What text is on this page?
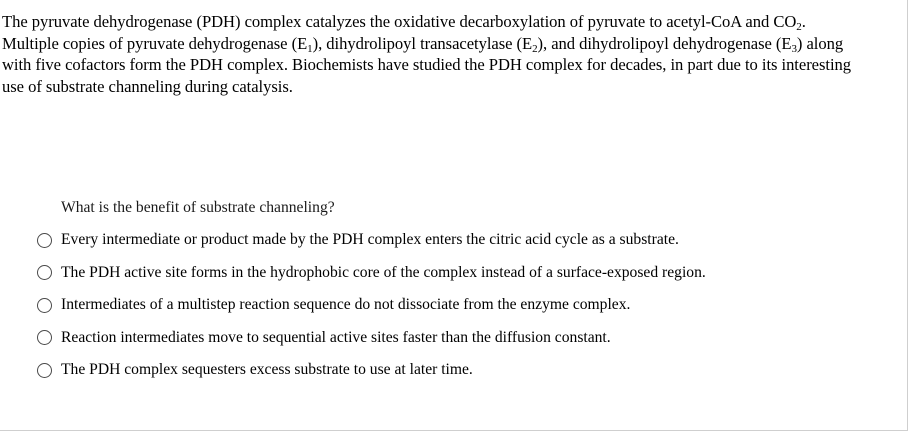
The pyruvate dehydrogenase (PDH) complex catalyzes the oxidative decarboxylation of pyruvate to acetyl-CoA and $CO_2$.
Multiple copies of pyruvate dehydrogenase $(E_1)$, dihydrolipoyl transacetylase $(E_2)$, and dihydrolipoyl dehydrogenase $(E_3)$ along
with five cofactors form the PDH complex. Biochemists have studied the PDH complex for decades, in part due to its interesting
use of substrate channeling during catalysis.
What is the benefit of substrate channeling?
Every intermediate or product made by the PDH complex enters the citric acid cycle as a substrate.
The PDH active site forms in the hydrophobic core of the complex instead of a surface-exposed region.
Intermediates of a multistep reaction sequence do not dissociate from the enzyme complex.
Reaction intermediates move to sequential active sites faster than the diffusion constant.
The PDH complex sequesters excess substrate to use at later time.
